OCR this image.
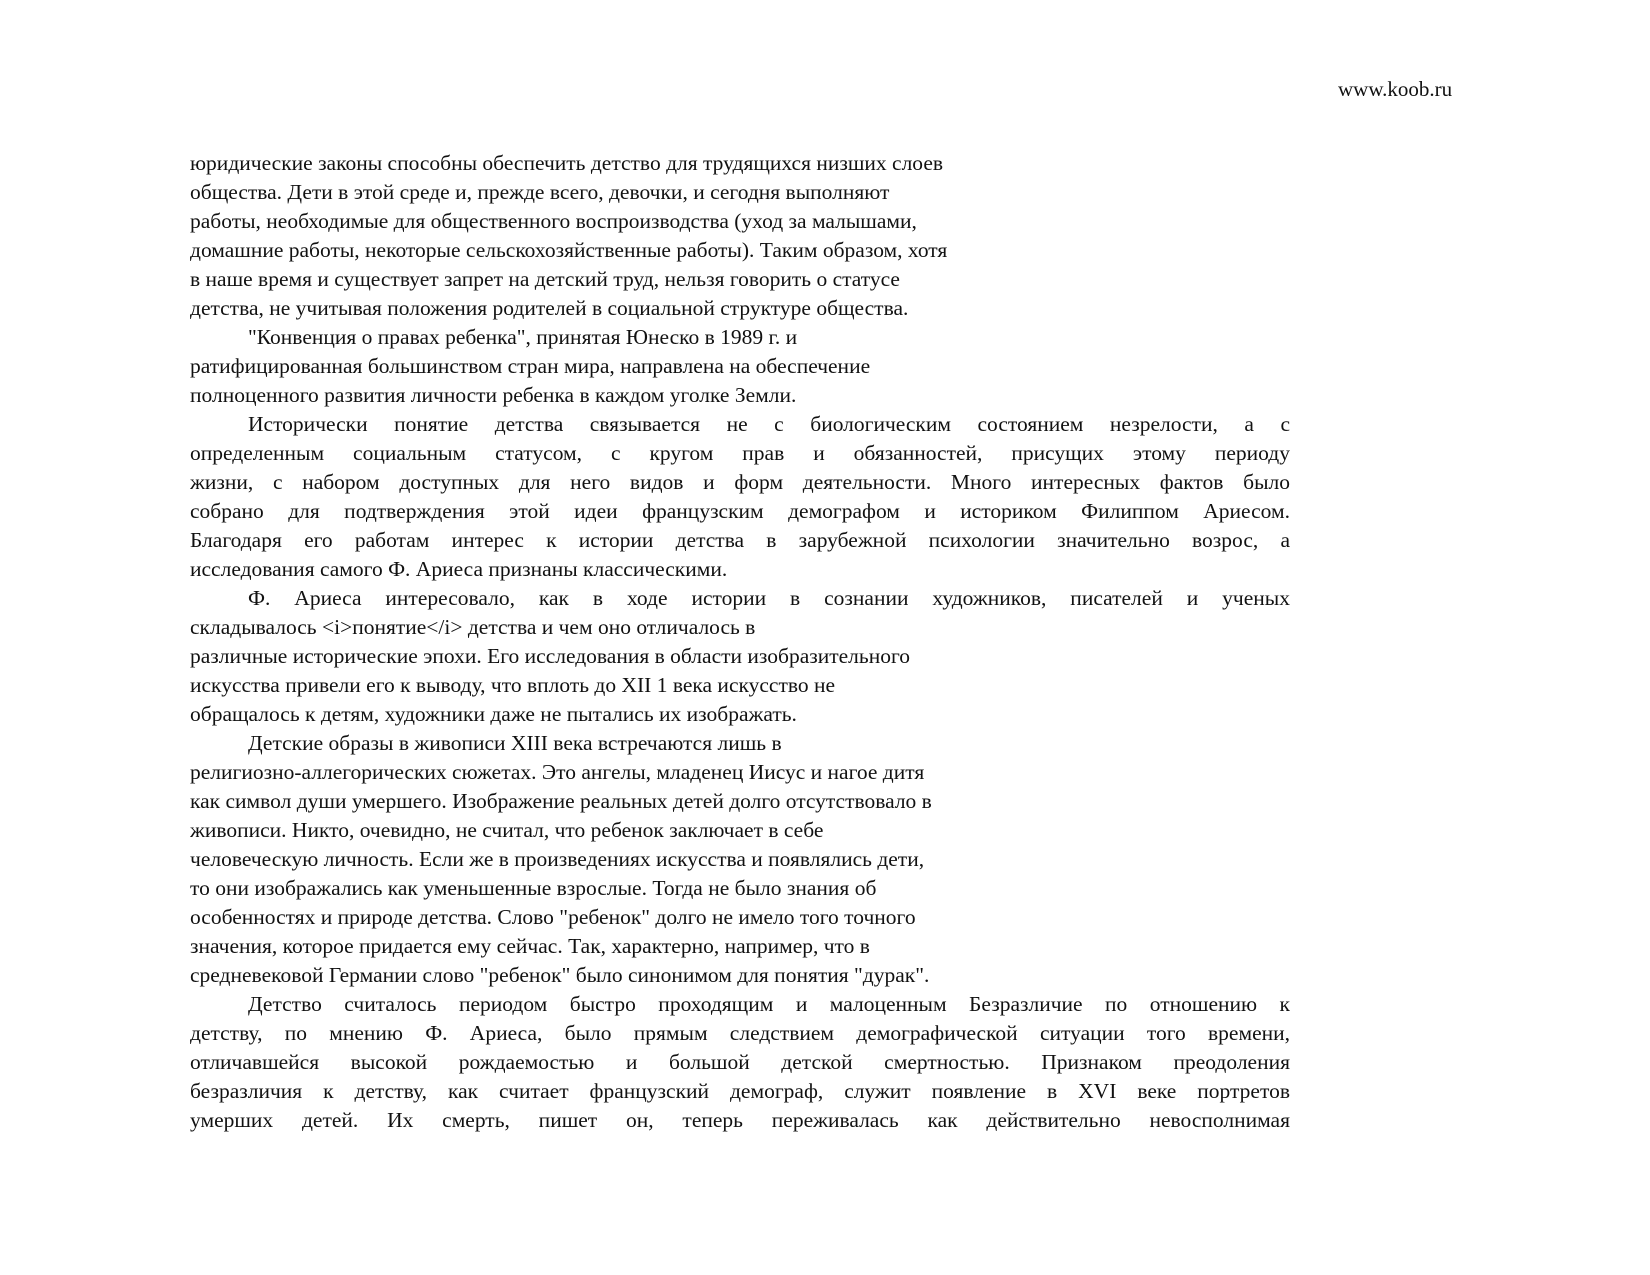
www.koob.ru
юридические законы способны обеспечить детство для трудящихся низших слоев
общества. Дети в этой среде и, прежде всего, девочки, и сегодня выполняют
работы, необходимые для общественного воспроизводства (уход за малышами,
домашние работы, некоторые сельскохозяйственные работы). Таким образом, хотя
в наше время и существует запрет на детский труд, нельзя говорить о статусе
детства, не учитывая положения родителей в социальной структуре общества.
"Конвенция о правах ребенка", принятая Юнеско в 1989 г. и
ратифицированная большинством стран мира, направлена на обеспечение
полноценного развития личности ребенка в каждом уголке Земли.
Исторически понятие детства связывается не с биологическим состоянием незрелости, а с
определенным социальным статусом, с кругом прав и обязанностей, присущих этому периоду
жизни, с набором доступных для него видов и форм деятельности. Много интересных фактов было
собрано для подтверждения этой идеи французским демографом и историком Филиппом Ариесом.
Благодаря его работам интерес к истории детства в зарубежной психологии значительно возрос, а
исследования самого Ф. Ариеса признаны классическими.
Ф. Ариеса интересовало, как в ходе истории в сознании художников, писателей и ученых
складывалось <i>понятие</i> детства и чем оно отличалось в
различные исторические эпохи. Его исследования в области изобразительного
искусства привели его к выводу, что вплоть до XII 1 века искусство не
обращалось к детям, художники даже не пытались их изображать.
Детские образы в живописи XIII века встречаются лишь в
религиозно-аллегорических сюжетах. Это ангелы, младенец Иисус и нагое дитя
как символ души умершего. Изображение реальных детей долго отсутствовало в
живописи. Никто, очевидно, не считал, что ребенок заключает в себе
человеческую личность. Если же в произведениях искусства и появлялись дети,
то они изображались как уменьшенные взрослые. Тогда не было знания об
особенностях и природе детства. Слово "ребенок" долго не имело того точного
значения, которое придается ему сейчас. Так, характерно, например, что в
средневековой Германии слово "ребенок" было синонимом для понятия "дурак".
Детство считалось периодом быстро проходящим и малоценным Безразличие по отношению к
детству, по мнению Ф. Ариеса, было прямым следствием демографической ситуации того времени,
отличавшейся высокой рождаемостью и большой детской смертностью. Признаком преодоления
безразличия к детству, как считает французский демограф, служит появление в XVI веке портретов
умерших детей. Их смерть, пишет он, теперь переживалась как действительно невосполнимая
